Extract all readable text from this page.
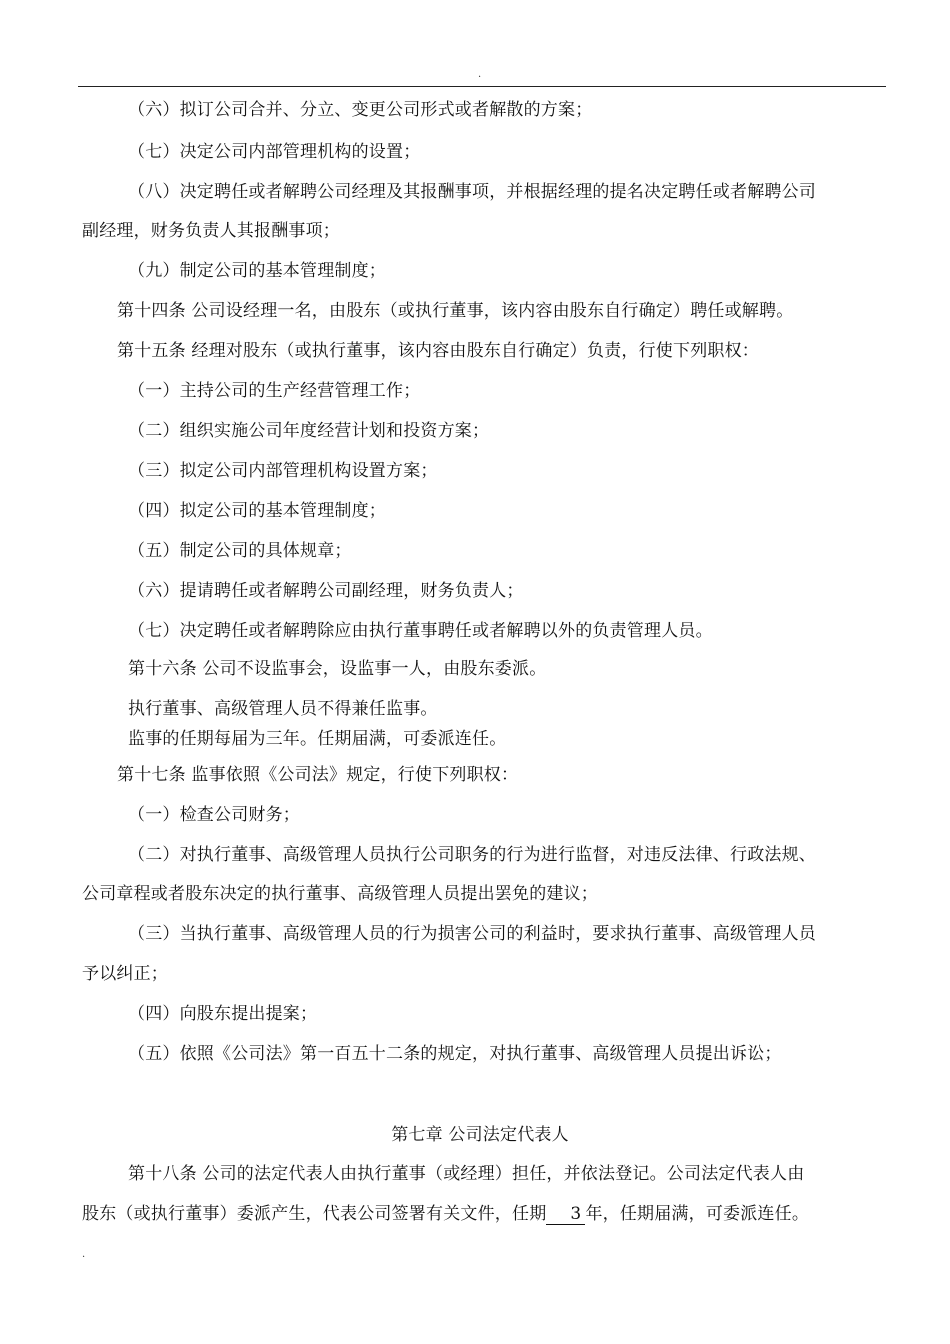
.
（六）拟订公司合并、分立、变更公司形式或者解散的方案；
（七）决定公司内部管理机构的设置；
（八）决定聘任或者解聘公司经理及其报酬事项，并根据经理的提名决定聘任或者解聘公司
副经理，财务负责人其报酬事项；
（九）制定公司的基本管理制度；
第十四条 公司设经理一名，由股东（或执行董事，该内容由股东自行确定）聘任或解聘。
第十五条 经理对股东（或执行董事，该内容由股东自行确定）负责，行使下列职权：
（一）主持公司的生产经营管理工作；
（二）组织实施公司年度经营计划和投资方案；
（三）拟定公司内部管理机构设置方案；
（四）拟定公司的基本管理制度；
（五）制定公司的具体规章；
（六）提请聘任或者解聘公司副经理，财务负责人；
（七）决定聘任或者解聘除应由执行董事聘任或者解聘以外的负责管理人员。
第十六条 公司不设监事会，设监事一人，由股东委派。
执行董事、高级管理人员不得兼任监事。
监事的任期每届为三年。任期届满，可委派连任。
第十七条 监事依照《公司法》规定，行使下列职权：
（一）检查公司财务；
（二）对执行董事、高级管理人员执行公司职务的行为进行监督，对违反法律、行政法规、
公司章程或者股东决定的执行董事、高级管理人员提出罢免的建议；
（三）当执行董事、高级管理人员的行为损害公司的利益时，要求执行董事、高级管理人员
予以纠正；
（四）向股东提出提案；
（五）依照《公司法》第一百五十二条的规定，对执行董事、高级管理人员提出诉讼；
第七章 公司法定代表人
第十八条 公司的法定代表人由执行董事（或经理）担任，并依法登记。公司法定代表人由
股东（或执行董事）委派产生，代表公司签署有关文件，任期 3 年，任期届满，可委派连任。
.
